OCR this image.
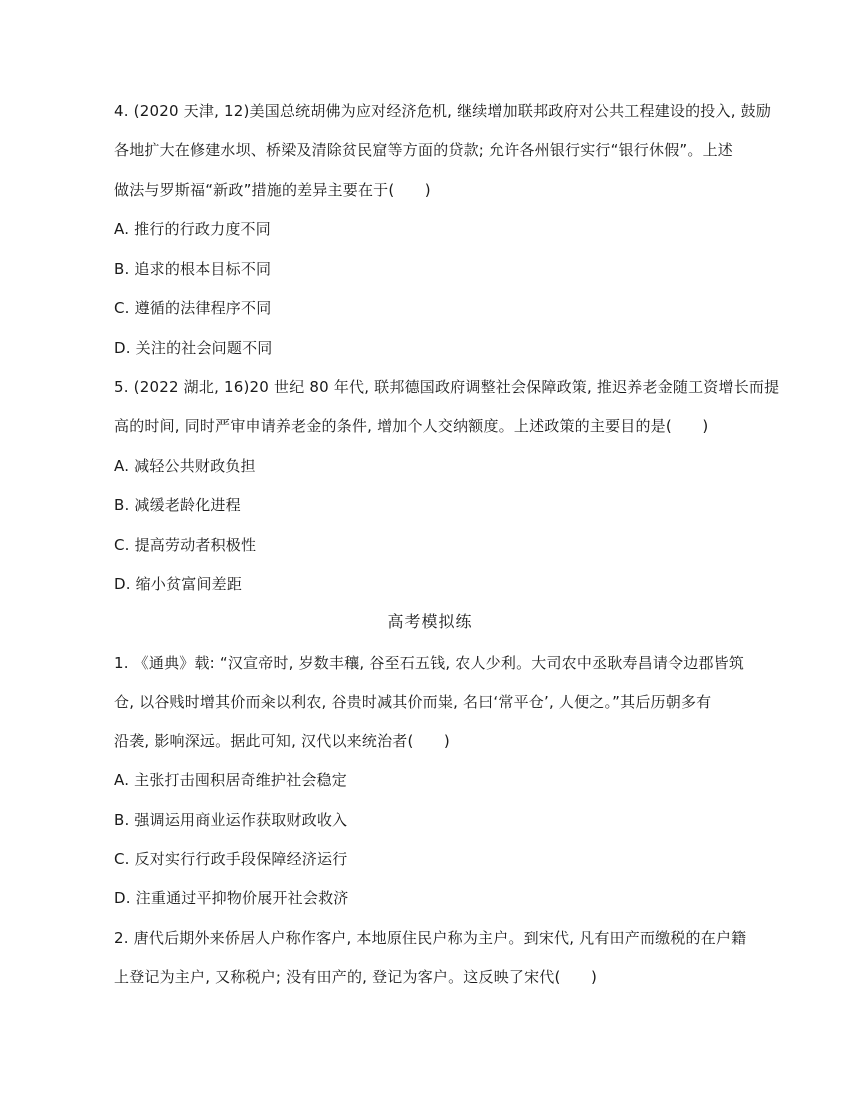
4. (2020 天津, 12)美国总统胡佛为应对经济危机, 继续增加联邦政府对公共工程建设的投入, 鼓励
各地扩大在修建水坝、桥梁及清除贫民窟等方面的贷款; 允许各州银行实行“银行休假”。上述
做法与罗斯福“新政”措施的差异主要在于(　　)
A. 推行的行政力度不同
B. 追求的根本目标不同
C. 遵循的法律程序不同
D. 关注的社会问题不同
5. (2022 湖北, 16)20 世纪 80 年代, 联邦德国政府调整社会保障政策, 推迟养老金随工资增长而提
高的时间, 同时严审申请养老金的条件, 增加个人交纳额度。上述政策的主要目的是(　　)
A. 减轻公共财政负担
B. 减缓老龄化进程
C. 提高劳动者积极性
D. 缩小贫富间差距
高考模拟练
1. 《通典》载: “汉宣帝时, 岁数丰穰, 谷至石五钱, 农人少利。大司农中丞耿寿昌请令边郡皆筑
仓, 以谷贱时增其价而籴以利农, 谷贵时减其价而粜, 名曰‘常平仓’, 人便之。”其后历朝多有
沿袭, 影响深远。据此可知, 汉代以来统治者(　　)
A. 主张打击囤积居奇维护社会稳定
B. 强调运用商业运作获取财政收入
C. 反对实行行政手段保障经济运行
D. 注重通过平抑物价展开社会救济
2. 唐代后期外来侨居人户称作客户, 本地原住民户称为主户。到宋代, 凡有田产而缴税的在户籍
上登记为主户, 又称税户; 没有田产的, 登记为客户。这反映了宋代(　　)
